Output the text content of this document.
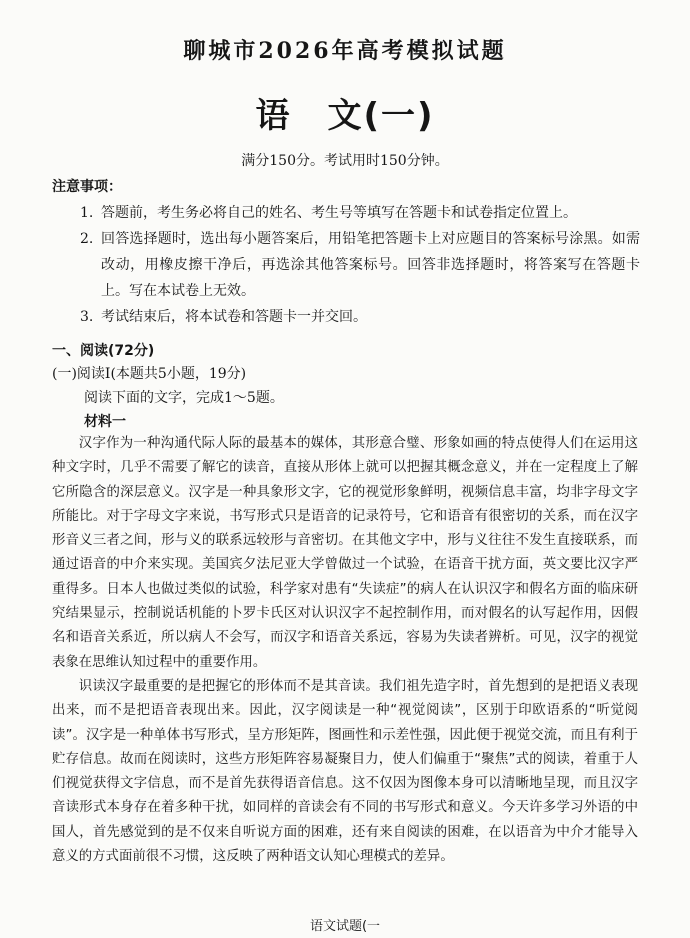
聊城市2026年高考模拟试题
语　文(一)
满分150分。考试用时150分钟。
注意事项：
1. 答题前，考生务必将自己的姓名、考生号等填写在答题卡和试卷指定位置上。
2. 回答选择题时，选出每小题答案后，用铅笔把答题卡上对应题目的答案标号涂黑。如需改动，用橡皮擦干净后，再选涂其他答案标号。回答非选择题时，将答案写在答题卡上。写在本试卷上无效。
3. 考试结束后，将本试卷和答题卡一并交回。
一、阅读(72分)
(一)阅读Ⅰ(本题共5小题，19分)
阅读下面的文字，完成1～5题。
材料一

汉字作为一种沟通代际人际的最基本的媒体，其形意合璧、形象如画的特点使得人们在运用这种文字时，几乎不需要了解它的读音，直接从形体上就可以把握其概念意义，并在一定程度上了解它所隐含的深层意义。汉字是一种具象形文字，它的视觉形象鲜明，视频信息丰富，均非字母文字所能比。对于字母文字来说，书写形式只是语音的记录符号，它和语音有很密切的关系，而在汉字形音义三者之间，形与义的联系远较形与音密切。在其他文字中，形与义往往不发生直接联系，而通过语音的中介来实现。美国宾夕法尼亚大学曾做过一个试验，在语音干扰方面，英文要比汉字严重得多。日本人也做过类似的试验，科学家对患有“失读症”的病人在认识汉字和假名方面的临床研究结果显示，控制说话机能的卜罗卡氏区对认识汉字不起控制作用，而对假名的认写起作用，因假名和语音关系近，所以病人不会写，而汉字和语音关系远，容易为失读者辨析。可见，汉字的视觉表象在思维认知过程中的重要作用。

识读汉字最重要的是把握它的形体而不是其音读。我们祖先造字时，首先想到的是把语义表现出来，而不是把语音表现出来。因此，汉字阅读是一种“视觉阅读”，区别于印欧语系的“听觉阅读”。汉字是一种单体书写形式，呈方形矩阵，图画性和示差性强，因此便于视觉交流，而且有利于贮存信息。故而在阅读时，这些方形矩阵容易凝聚目力，使人们偏重于“聚焦”式的阅读，着重于人们视觉获得文字信息，而不是首先获得语音信息。这不仅因为图像本身可以清晰地呈现，而且汉字音读形式本身存在着多种干扰，如同样的音读会有不同的书写形式和意义。今天许多学习外语的中国人，首先感觉到的是不仅来自听说方面的困难，还有来自阅读的困难，在以语音为中介才能导入意义的方式面前很不习惯，这反映了两种语文认知心理模式的差异。

语文试题(一
